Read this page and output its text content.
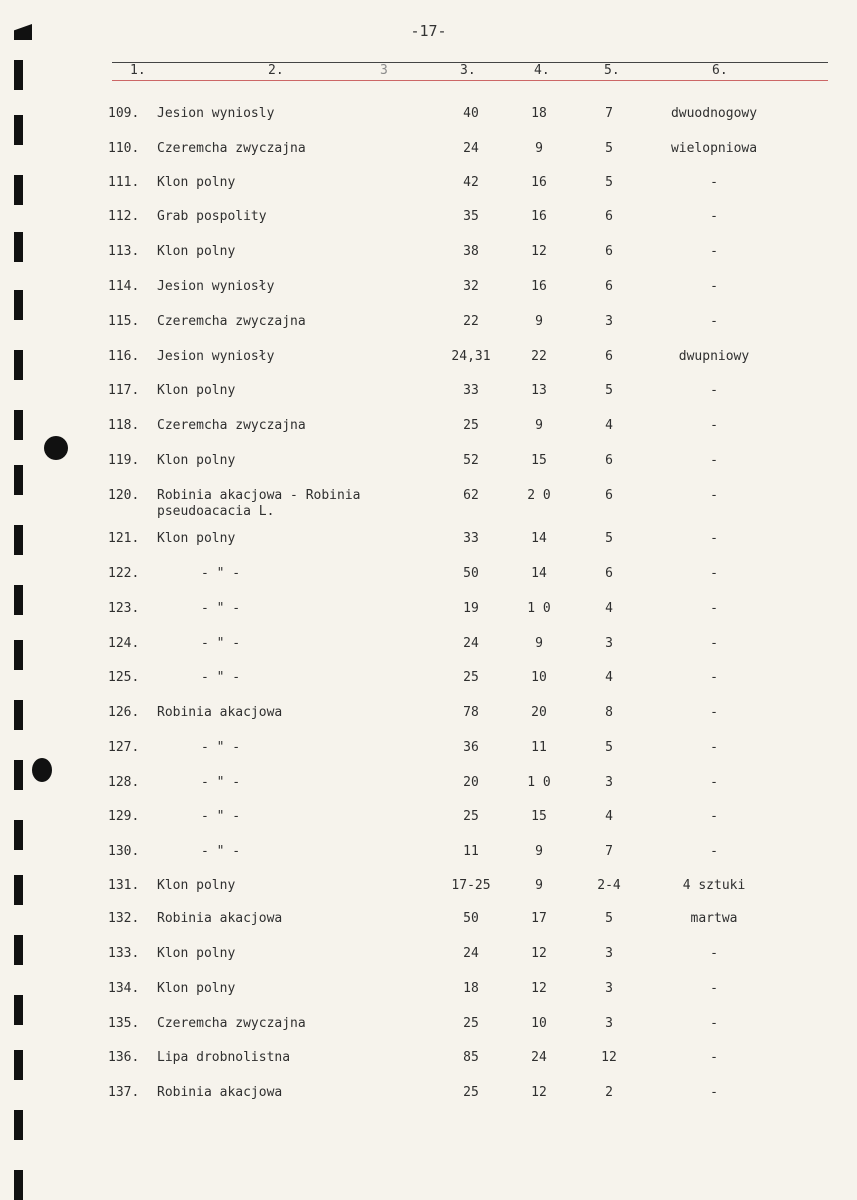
-17-
1.	2.	3	3.	4.	5.	6.
109. Jesion wyniosly	40	18	7	dwuodnogowy
110. Czeremcha zwyczajna	24	9	5	wielopniowa
111. Klon polny	42	16	5	-
112. Grab pospolity	35	16	6	-
113. Klon polny	38	12	6	-
114. Jesion wyniosły	32	16	6	-
115. Czeremcha zwyczajna	22	9	3	-
116. Jesion wyniosły	24,31	22	6	dwupniowy
117. Klon polny	33	13	5	-
118. Czeremcha zwyczajna	25	9	4	-
119. Klon polny	52	15	6	-
120. Robinia akacjowa - Robinia pseudoacacia L.
62	2 0	6	-
121. Klon polny	33	14	5	-
122.	- " -	50	14	6	-
123.	- " -	19	1 0	4	-
124.	- " -	24	9	3	-
125.	- " -	25	10	4	-
126. Robinia akacjowa	78	20	8	-
127.	- " -	36	11	5	-
128.	- " -	20	1 0	3	-
129.	- " -	25	15	4	-
130.	- " -	11	9	7	-
131. Klon polny	17-25	9	2-4	4 sztuki
132. Robinia akacjowa	50	17	5	martwa
133. Klon polny	24	12	3	-
134. Klon polny	18	12	3	-
135. Czeremcha zwyczajna	25	10	3	-
136. Lipa drobnolistna	85	24	12	-
137. Robinia akacjowa	25	12	2	-
